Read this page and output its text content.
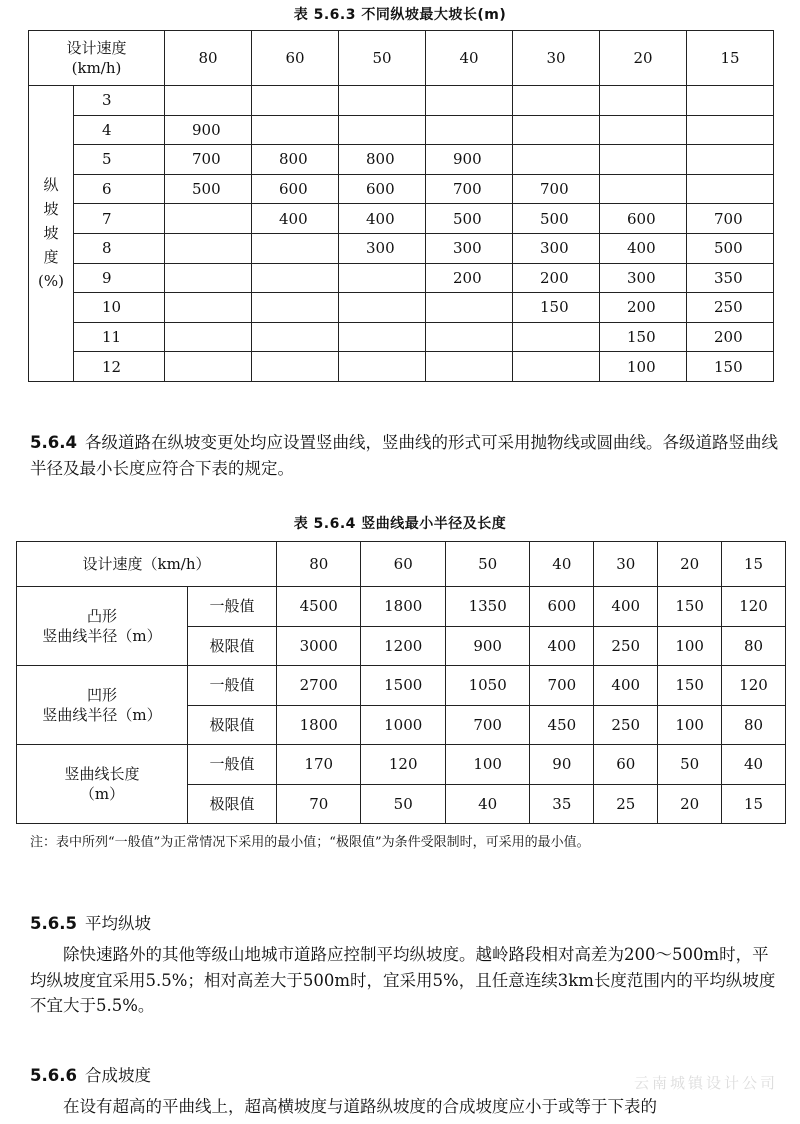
表 5.6.3 不同纵坡最大坡长(m)
设计速度
(km/h)		80	60	50	40	30	20	15
纵
坡
坡
度
(%)	3							
	4	900						
	5	700	800	800	900			
	6	500	600	600	700	700		
	7		400	400	500	500	600	700
	8			300	300	300	400	500
	9				200	200	300	350
	10					150	200	250
	11						150	200
	12						100	150

5.6.4 各级道路在纵坡变更处均应设置竖曲线，竖曲线的形式可采用抛物线或圆曲线。各级道路竖曲线半径及最小长度应符合下表的规定。

表 5.6.4 竖曲线最小半径及长度
设计速度（km/h）		80	60	50	40	30	20	15
凸形
竖曲线半径（m）	一般值	4500	1800	1350	600	400	150	120
	极限值	3000	1200	900	400	250	100	80
凹形
竖曲线半径（m）	一般值	2700	1500	1050	700	400	150	120
	极限值	1800	1000	700	450	250	100	80
竖曲线长度
（m）	一般值	170	120	100	90	60	50	40
	极限值	70	50	40	35	25	20	15
注：表中所列“一般值”为正常情况下采用的最小值；“极限值”为条件受限制时，可采用的最小值。
5.6.5 平均纵坡

除快速路外的其他等级山地城市道路应控制平均纵坡度。越岭路段相对高差为200～500m时，平均纵坡度宜采用5.5%；相对高差大于500m时，宜采用5%，且任意连续3km长度范围内的平均纵坡度不宜大于5.5%。

5.6.6 合成坡度

在设有超高的平曲线上，超高横坡度与道路纵坡度的合成坡度应小于或等于下表的

云南城镇设计公司
